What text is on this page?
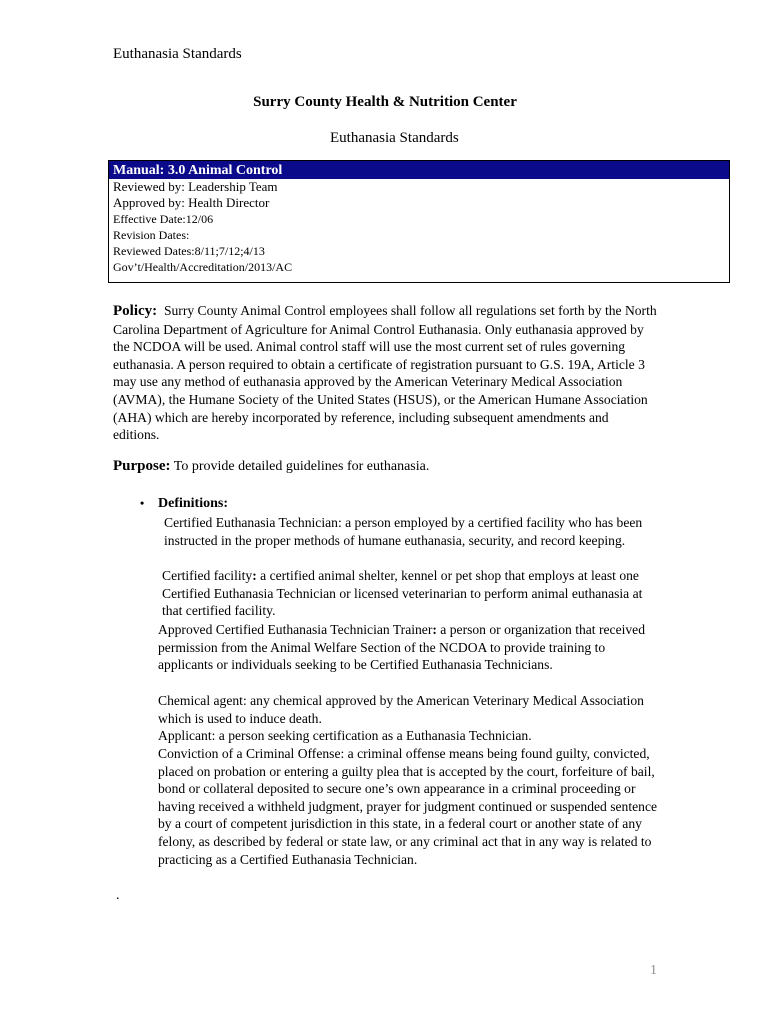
Euthanasia Standards
Surry County Health & Nutrition Center
Euthanasia Standards
Manual: 3.0 Animal Control
Reviewed by: Leadership Team
Approved by: Health Director
Effective Date:12/06
Revision Dates:
Reviewed Dates:8/11;7/12;4/13
Gov’t/Health/Accreditation/2013/AC
Policy: Surry County Animal Control employees shall follow all regulations set forth by the North Carolina Department of Agriculture for Animal Control Euthanasia. Only euthanasia approved by the NCDOA will be used. Animal control staff will use the most current set of rules governing euthanasia. A person required to obtain a certificate of registration pursuant to G.S. 19A, Article 3 may use any method of euthanasia approved by the American Veterinary Medical Association (AVMA), the Humane Society of the United States (HSUS), or the American Humane Association (AHA) which are hereby incorporated by reference, including subsequent amendments and editions.
Purpose: To provide detailed guidelines for euthanasia.
• Definitions:
Certified Euthanasia Technician: a person employed by a certified facility who has been instructed in the proper methods of humane euthanasia, security, and record keeping.
Certified facility: a certified animal shelter, kennel or pet shop that employs at least one Certified Euthanasia Technician or licensed veterinarian to perform animal euthanasia at that certified facility.
Approved Certified Euthanasia Technician Trainer: a person or organization that received permission from the Animal Welfare Section of the NCDOA to provide training to applicants or individuals seeking to be Certified Euthanasia Technicians.
Chemical agent: any chemical approved by the American Veterinary Medical Association which is used to induce death.
Applicant: a person seeking certification as a Euthanasia Technician.
Conviction of a Criminal Offense: a criminal offense means being found guilty, convicted, placed on probation or entering a guilty plea that is accepted by the court, forfeiture of bail, bond or collateral deposited to secure one’s own appearance in a criminal proceeding or having received a withheld judgment, prayer for judgment continued or suspended sentence by a court of competent jurisdiction in this state, in a federal court or another state of any felony, as described by federal or state law, or any criminal act that in any way is related to practicing as a Certified Euthanasia Technician.
.
1
